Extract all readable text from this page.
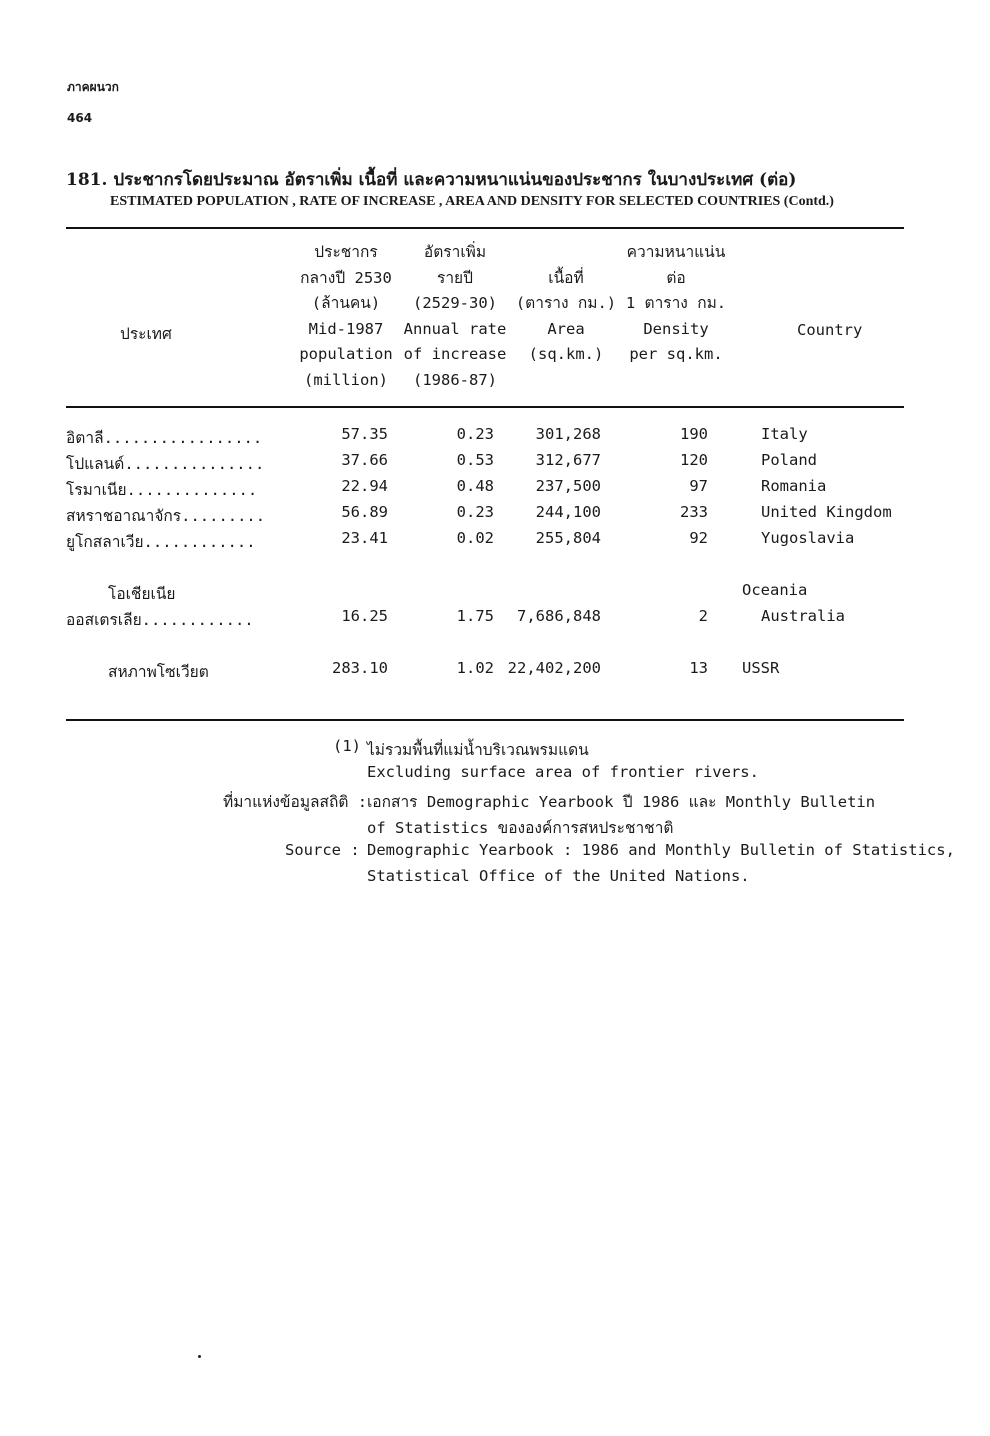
ภาคผนวก
464
181. ประชากรโดยประมาณ อัตราเพิ่ม เนื้อที่ และความหนาแน่นของประชากร ในบางประเทศ (ต่อ)
ESTIMATED POPULATION , RATE OF INCREASE , AREA AND DENSITY FOR SELECTED COUNTRIES (Contd.)
ประเทศ
ประชากร
กลางปี 2530
(ล้านคน)
Mid-1987
population
(million)
อัตราเพิ่ม
รายปี
(2529-30)
Annual rate
of increase
(1986-87)
เนื้อที่
(ตาราง กม.)
Area
(sq.km.)
ความหนาแน่น
ต่อ
1 ตาราง กม.
Density
per sq.km.
Country
อิตาลี.................	57.35	0.23	301,268	190	Italy
โปแลนด์...............	37.66	0.53	312,677	120	Poland
โรมาเนีย..............	22.94	0.48	237,500	97	Romania
สหราชอาณาจักร.........	56.89	0.23	244,100	233	United Kingdom
ยูโกสลาเวีย............	23.41	0.02	255,804	92	Yugoslavia
โอเชียเนีย	Oceania
ออสเตรเลีย............	16.25	1.75	7,686,848	2	Australia
สหภาพโซเวียต	283.10	1.02 22,402,200	13 USSR
(1) ไม่รวมพื้นที่แม่น้ำบริเวณพรมแดน
Excluding surface area of frontier rivers.
ที่มาแห่งข้อมูลสถิติ : เอกสาร Demographic Yearbook ปี 1986 และ Monthly Bulletin
of Statistics ขององค์การสหประชาชาติ
Source : Demographic Yearbook : 1986 and Monthly Bulletin of Statistics,
Statistical Office of the United Nations.
